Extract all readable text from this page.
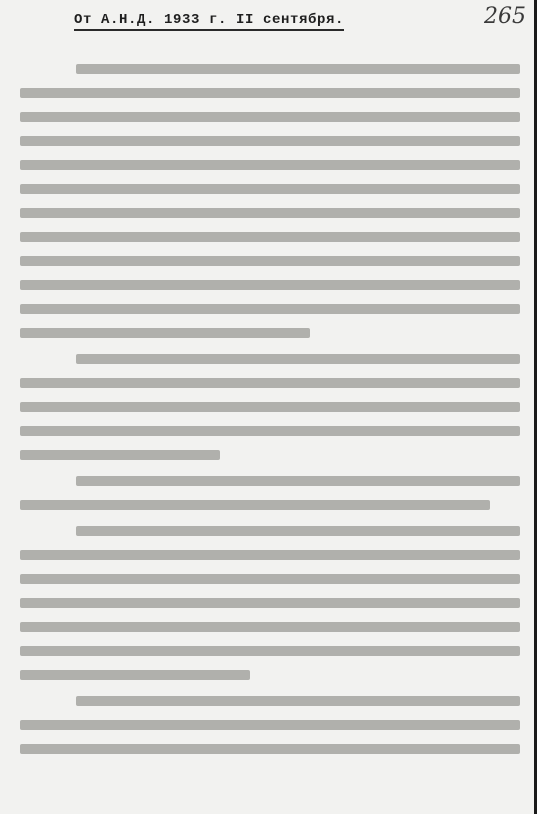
От А.Н.Д. 1933 г. II сентября.	265
